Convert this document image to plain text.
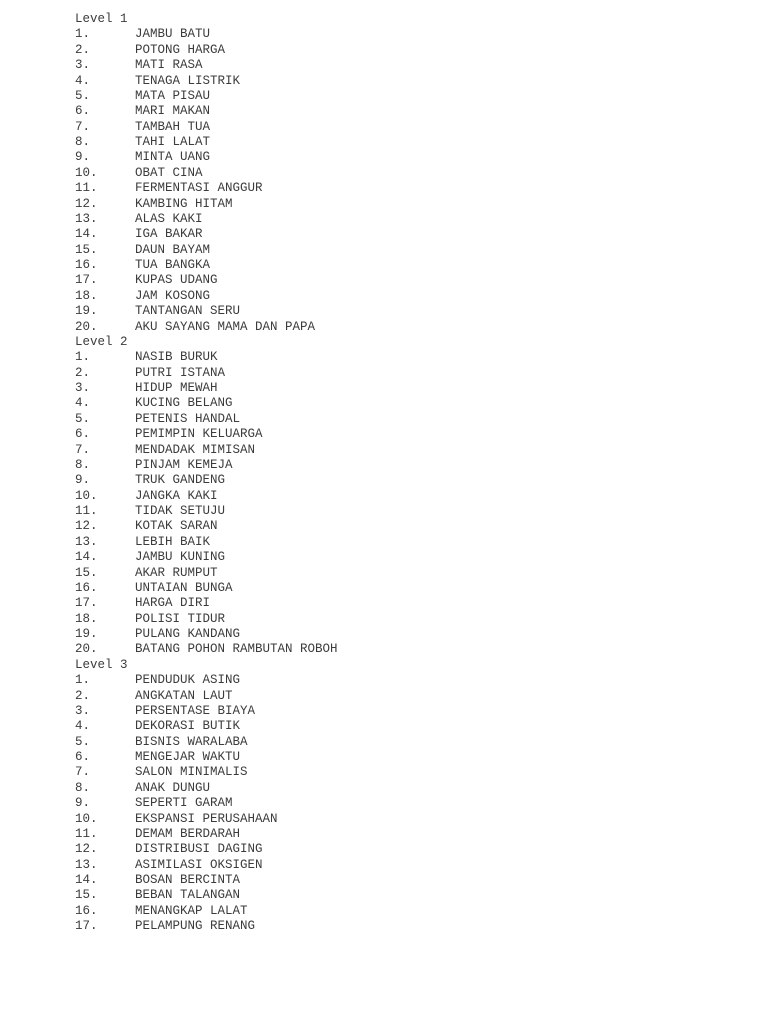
Level 1
1.	JAMBU BATU
2.	POTONG HARGA
3.	MATI RASA
4.	TENAGA LISTRIK
5.	MATA PISAU
6.	MARI MAKAN
7.	TAMBAH TUA
8.	TAHI LALAT
9.	MINTA UANG
10.	OBAT CINA
11.	FERMENTASI ANGGUR
12.	KAMBING HITAM
13.	ALAS KAKI
14.	IGA BAKAR
15.	DAUN BAYAM
16.	TUA BANGKA
17.	KUPAS UDANG
18.	JAM KOSONG
19.	TANTANGAN SERU
20.	AKU SAYANG MAMA DAN PAPA
Level 2
1.	NASIB BURUK
2.	PUTRI ISTANA
3.	HIDUP MEWAH
4.	KUCING BELANG
5.	PETENIS HANDAL
6.	PEMIMPIN KELUARGA
7.	MENDADAK MIMISAN
8.	PINJAM KEMEJA
9.	TRUK GANDENG
10.	JANGKA KAKI
11.	TIDAK SETUJU
12.	KOTAK SARAN
13.	LEBIH BAIK
14.	JAMBU KUNING
15.	AKAR RUMPUT
16.	UNTAIAN BUNGA
17.	HARGA DIRI
18.	POLISI TIDUR
19.	PULANG KANDANG
20.	BATANG POHON RAMBUTAN ROBOH
Level 3
1.	PENDUDUK ASING
2.	ANGKATAN LAUT
3.	PERSENTASE BIAYA
4.	DEKORASI BUTIK
5.	BISNIS WARALABA
6.	MENGEJAR WAKTU
7.	SALON MINIMALIS
8.	ANAK DUNGU
9.	SEPERTI GARAM
10.	EKSPANSI PERUSAHAAN
11.	DEMAM BERDARAH
12.	DISTRIBUSI DAGING
13.	ASIMILASI OKSIGEN
14.	BOSAN BERCINTA
15.	BEBAN TALANGAN
16.	MENANGKAP LALAT
17.	PELAMPUNG RENANG
